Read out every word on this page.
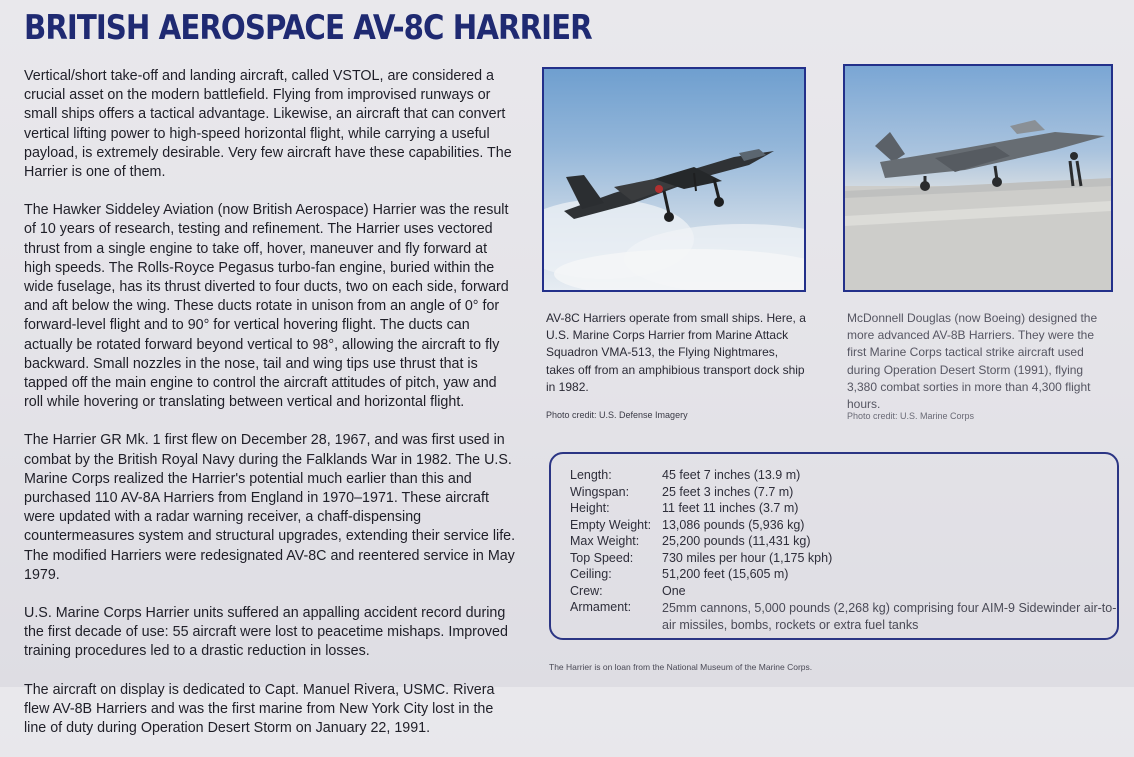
BRITISH AEROSPACE AV-8C HARRIER

Vertical/short take-off and landing aircraft, called VSTOL, are considered a crucial asset on the modern battlefield. Flying from improvised runways or small ships offers a tactical advantage. Likewise, an aircraft that can convert vertical lifting power to high-speed horizontal flight, while carrying a useful payload, is extremely desirable. Very few aircraft have these capabilities. The Harrier is one of them.

The Hawker Siddeley Aviation (now British Aerospace) Harrier was the result of 10 years of research, testing and refinement. The Harrier uses vectored thrust from a single engine to take off, hover, maneuver and fly forward at high speeds. The Rolls-Royce Pegasus turbo-fan engine, buried within the wide fuselage, has its thrust diverted to four ducts, two on each side, forward and aft below the wing. These ducts rotate in unison from an angle of 0° for forward-level flight and to 90° for vertical hovering flight. The ducts can actually be rotated forward beyond vertical to 98°, allowing the aircraft to fly backward. Small nozzles in the nose, tail and wing tips use thrust that is tapped off the main engine to control the aircraft attitudes of pitch, yaw and roll while hovering or translating between vertical and horizontal flight.

The Harrier GR Mk. 1 first flew on December 28, 1967, and was first used in combat by the British Royal Navy during the Falklands War in 1982. The U.S. Marine Corps realized the Harrier's potential much earlier than this and purchased 110 AV-8A Harriers from England in 1970–1971. These aircraft were updated with a radar warning receiver, a chaff-dispensing countermeasures system and structural upgrades, extending their service life. The modified Harriers were redesignated AV-8C and reentered service in May 1979.

U.S. Marine Corps Harrier units suffered an appalling accident record during the first decade of use: 55 aircraft were lost to peacetime mishaps. Improved training procedures led to a drastic reduction in losses.

The aircraft on display is dedicated to Capt. Manuel Rivera, USMC. Rivera flew AV-8B Harriers and was the first marine from New York City lost in the line of duty during Operation Desert Storm on January 22, 1991.

AV-8C Harriers operate from small ships. Here, a U.S. Marine Corps Harrier from Marine Attack Squadron VMA-513, the Flying Nightmares, takes off from an amphibious transport dock ship in 1982.
McDonnell Douglas (now Boeing) designed the more advanced AV-8B Harriers. They were the first Marine Corps tactical strike aircraft used during Operation Desert Storm (1991), flying 3,380 combat sorties in more than 4,300 flight hours.
Photo credit: U.S. Defense Imagery	Photo credit: U.S. Marine Corps
Length:	45 feet 7 inches (13.9 m)
Wingspan:	25 feet 3 inches (7.7 m)
Height:	11 feet 11 inches (3.7 m)
Empty Weight: 13,086 pounds (5,936 kg)
Max Weight: 25,200 pounds (11,431 kg)
Top Speed: 730 miles per hour (1,175 kph)
Ceiling:	51,200 feet (15,605 m)
Crew:	One
Armament: 25mm cannons, 5,000 pounds (2,268 kg) comprising four AIM-9 Sidewinder air-to-air missiles, bombs, rockets or extra fuel tanks
The Harrier is on loan from the National Museum of the Marine Corps.
